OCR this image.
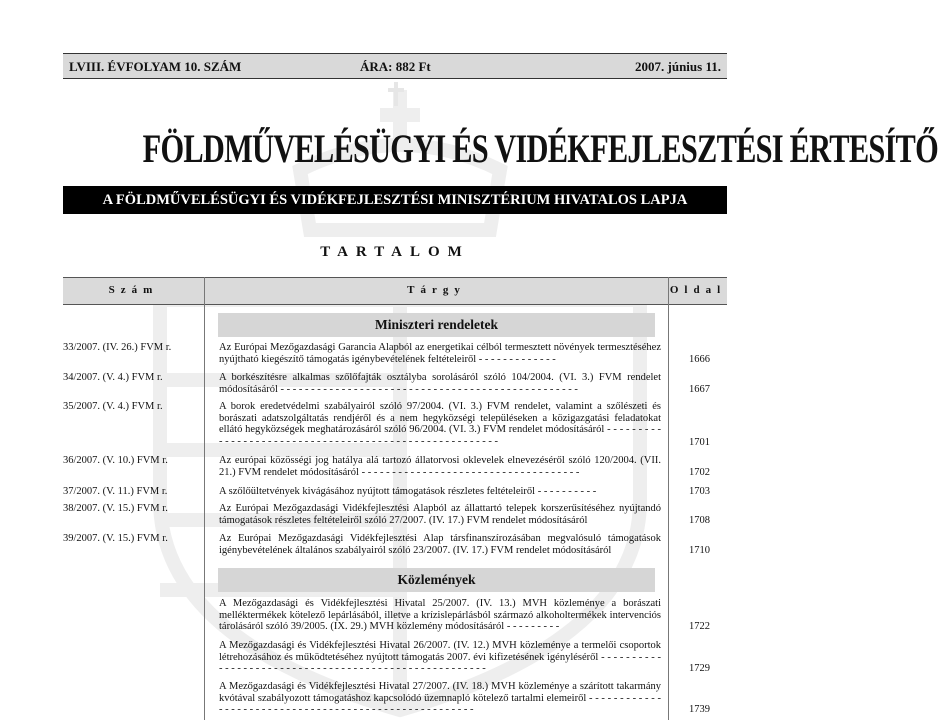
LVIII. ÉVFOLYAM 10. SZÁM	ÁRA: 882 Ft	2007. június 11.
FÖLDMŰVELÉSÜGYI ÉS VIDÉKFEJLESZTÉSI ÉRTESÍTŐ
A FÖLDMŰVELÉSÜGYI ÉS VIDÉKFEJLESZTÉSI MINISZTÉRIUM HIVATALOS LAPJA
TARTALOM
Szám	Tárgy	Oldal
Miniszteri rendeletek
33/2007. (IV. 26.) FVM r.	Az Európai Mezőgazdasági Garancia Alapból az energetikai célból termesztett növények termesztéséhez nyújtható kiegészítő támogatás igénybevételének feltételeiről - - - - - - - - - - - - -	1666
34/2007. (V. 4.) FVM r.	A borkészítésre alkalmas szőlőfajták osztályba sorolásáról szóló 104/2004. (VI. 3.) FVM rendelet módosításáról - - - - - - - - - - - - - - - - - - - - - - - - - - - - - - - - - - - - - - - - - - - - - - - - -	1667
35/2007. (V. 4.) FVM r.	A borok eredetvédelmi szabályairól szóló 97/2004. (VI. 3.) FVM rendelet, valamint a szőlészeti és borászati adatszolgáltatás rendjéről és a nem hegyközségi településeken a közigazgatási feladatokat ellátó hegyközségek meghatározásáról szóló 96/2004. (VI. 3.) FVM rendelet módosításáról - - - - - - - - - - - - - - - - - - - - - - - - - - - - - - - - - - - - - - - - - - - - - - - - - - - - - - -	1701
36/2007. (V. 10.) FVM r.	Az európai közösségi jog hatálya alá tartozó állatorvosi oklevelek elnevezéséről szóló 120/2004. (VII. 21.) FVM rendelet módosításáról - - - - - - - - - - - - - - - - - - - - - - - - - - - - - - - - - - - -	1702
37/2007. (V. 11.) FVM r.	A szőlőültetvények kivágásához nyújtott támogatások részletes feltételeiről - - - - - - - - - -	1703
38/2007. (V. 15.) FVM r.	Az Európai Mezőgazdasági Vidékfejlesztési Alapból az állattartó telepek korszerűsítéséhez nyújtandó támogatások részletes feltételeiről szóló 27/2007. (IV. 17.) FVM rendelet módosításáról	1708
39/2007. (V. 15.) FVM r.	Az Európai Mezőgazdasági Vidékfejlesztési Alap társfinanszírozásában megvalósuló támogatások igénybevételének általános szabályairól szóló 23/2007. (IV. 17.) FVM rendelet módosításáról	1710
Közlemények
A Mezőgazdasági és Vidékfejlesztési Hivatal 25/2007. (IV. 13.) MVH közleménye a borászati melléktermékek kötelező lepárlásából, illetve a krízislepárlásból származó alkoholtermékek intervenciós tárolásáról szóló 39/2005. (IX. 29.) MVH közlemény módosításáról - - - - - - - - -	1722
A Mezőgazdasági és Vidékfejlesztési Hivatal 26/2007. (IV. 12.) MVH közleménye a termelői csoportok létrehozásához és működtetéséhez nyújtott támogatás 2007. évi kifizetésének igényléséről - - - - - - - - - - - - - - - - - - - - - - - - - - - - - - - - - - - - - - - - - - - - - - - - - - - - - -	1729
A Mezőgazdasági és Vidékfejlesztési Hivatal 27/2007. (IV. 18.) MVH közleménye a szárított takarmány kvótával szabályozott támogatáshoz kapcsolódó üzemnapló kötelező tartalmi elemeiről - - - - - - - - - - - - - - - - - - - - - - - - - - - - - - - - - - - - - - - - - - - - - - - - - - - - - -	1739
